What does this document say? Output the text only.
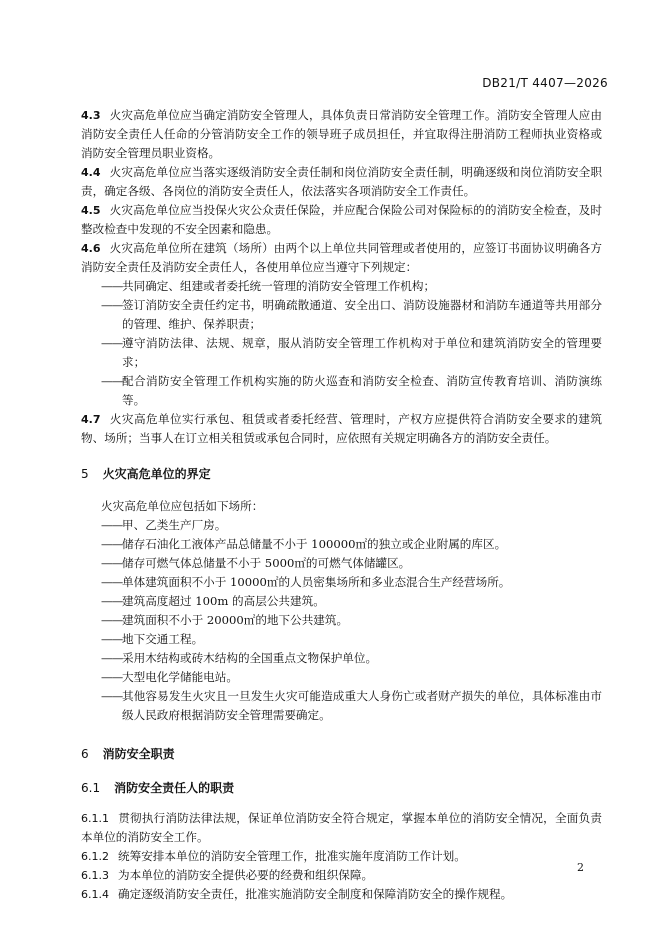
DB21/T 4407—2026

4.3 火灾高危单位应当确定消防安全管理人，具体负责日常消防安全管理工作。消防安全管理人应由消防安全责任人任命的分管消防安全工作的领导班子成员担任，并宜取得注册消防工程师执业资格或消防安全管理员职业资格。

4.4 火灾高危单位应当落实逐级消防安全责任制和岗位消防安全责任制，明确逐级和岗位消防安全职责，确定各级、各岗位的消防安全责任人，依法落实各项消防安全工作责任。

4.5 火灾高危单位应当投保火灾公众责任保险，并应配合保险公司对保险标的的消防安全检查，及时整改检查中发现的不安全因素和隐患。

4.6 火灾高危单位所在建筑（场所）由两个以上单位共同管理或者使用的，应签订书面协议明确各方消防安全责任及消防安全责任人，各使用单位应当遵守下列规定：

—— 共同确定、组建或者委托统一管理的消防安全管理工作机构；

—— 签订消防安全责任约定书，明确疏散通道、安全出口、消防设施器材和消防车通道等共用部分的管理、维护、保养职责；

—— 遵守消防法律、法规、规章，服从消防安全管理工作机构对于单位和建筑消防安全的管理要求；

—— 配合消防安全管理工作机构实施的防火巡查和消防安全检查、消防宣传教育培训、消防演练等。

4.7 火灾高危单位实行承包、租赁或者委托经营、管理时，产权方应提供符合消防安全要求的建筑物、场所；当事人在订立相关租赁或承包合同时，应依照有关规定明确各方的消防安全责任。

5 火灾高危单位的界定

火灾高危单位应包括如下场所：

—— 甲、乙类生产厂房。

—— 储存石油化工液体产品总储量不小于 100000㎡的独立或企业附属的库区。

—— 储存可燃气体总储量不小于 5000㎡的可燃气体储罐区。

—— 单体建筑面积不小于 10000㎡的人员密集场所和多业态混合生产经营场所。

—— 建筑高度超过 100m 的高层公共建筑。

—— 建筑面积不小于 20000㎡的地下公共建筑。

—— 地下交通工程。

—— 采用木结构或砖木结构的全国重点文物保护单位。

—— 大型电化学储能电站。

—— 其他容易发生火灾且一旦发生火灾可能造成重大人身伤亡或者财产损失的单位，具体标准由市级人民政府根据消防安全管理需要确定。

6 消防安全职责

6.1 消防安全责任人的职责

6.1.1 贯彻执行消防法律法规，保证单位消防安全符合规定，掌握本单位的消防安全情况，全面负责本单位的消防安全工作。

6.1.2 统筹安排本单位的消防安全管理工作，批准实施年度消防工作计划。

6.1.3 为本单位的消防安全提供必要的经费和组织保障。

6.1.4 确定逐级消防安全责任，批准实施消防安全制度和保障消防安全的操作规程。

2
